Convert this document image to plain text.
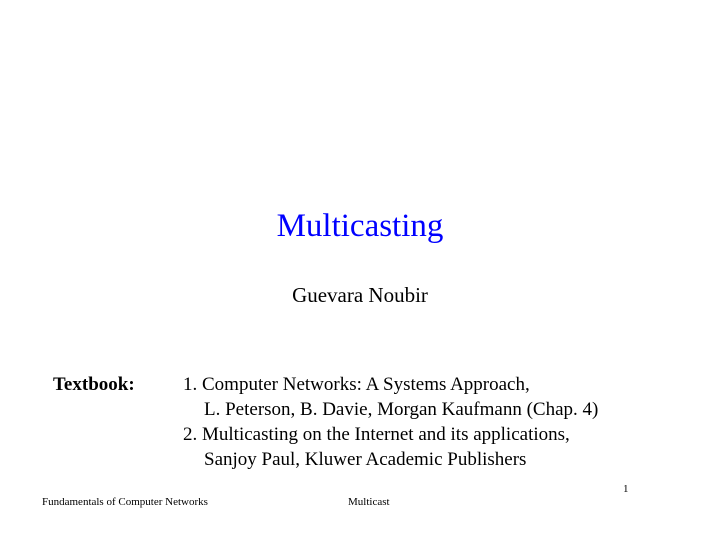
Multicasting
Guevara Noubir
Textbook:	1. Computer Networks: A Systems Approach,
L. Peterson, B. Davie, Morgan Kaufmann (Chap. 4)
2. Multicasting on the Internet and its applications,
Sanjoy Paul, Kluwer Academic Publishers
1
Fundamentals of Computer Networks	Multicast
